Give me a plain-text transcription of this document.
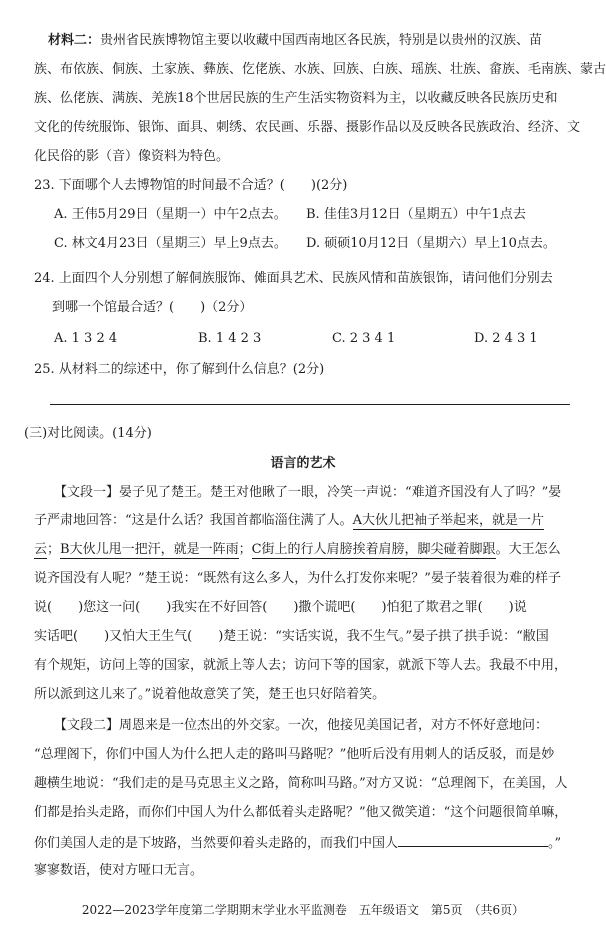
材料二：贵州省民族博物馆主要以收藏中国西南地区各民族，特别是以贵州的汉族、苗
族、布依族、侗族、土家族、彝族、仡佬族、水族、回族、白族、瑶族、壮族、畲族、毛南族、蒙古
族、仫佬族、满族、羌族18个世居民族的生产生活实物资料为主，以收藏反映各民族历史和
文化的传统服饰、银饰、面具、刺绣、农民画、乐器、摄影作品以及反映各民族政治、经济、文
化民俗的影（音）像资料为特色。
23. 下面哪个人去博物馆的时间最不合适？(　　)(2分)
A. 王伟5月29日（星期一）中午2点去。 B. 佳佳3月12日（星期五）中午1点去
C. 林文4月23日（星期三）早上9点去。 D. 硕硕10月12日（星期六）早上10点去。
24. 上面四个人分别想了解侗族服饰、傩面具艺术、民族风情和苗族银饰，请问他们分别去
到哪一个馆最合适？(　　)（2分）
A. 1 3 2 4	B. 1 4 2 3	C. 2 3 4 1	D. 2 4 3 1
25. 从材料二的综述中，你了解到什么信息？(2分)
(三)对比阅读。(14分)
语言的艺术
【文段一】晏子见了楚王。楚王对他瞅了一眼，冷笑一声说：“难道齐国没有人了吗？”晏
子严肃地回答：“这是什么话？我国首都临淄住满了人。A大伙儿把袖子举起来，就是一片
云；B大伙儿甩一把汗，就是一阵雨；C街上的行人肩膀挨着肩膀，脚尖碰着脚跟。大王怎么
说齐国没有人呢？”楚王说：“既然有这么多人，为什么打发你来呢？”晏子装着很为难的样子
说(　　)您这一问(　　)我实在不好回答(　　)撒个谎吧(　　)怕犯了欺君之罪(　　)说
实话吧(　　)又怕大王生气(　　)楚王说：“实话实说，我不生气。”晏子拱了拱手说：“敝国
有个规矩，访问上等的国家，就派上等人去；访问下等的国家，就派下等人去。我最不中用，
所以派到这儿来了。”说着他故意笑了笑，楚王也只好陪着笑。
【文段二】周恩来是一位杰出的外交家。一次，他接见美国记者，对方不怀好意地问：
“总理阁下，你们中国人为什么把人走的路叫马路呢？”他听后没有用刺人的话反驳，而是妙
趣横生地说：“我们走的是马克思主义之路，简称叫马路。”对方又说：“总理阁下，在美国，人
们都是抬头走路，而你们中国人为什么都低着头走路呢？”他又微笑道：“这个问题很简单嘛，
你们美国人走的是下坡路，当然要仰着头走路的，而我们中国人	。”
寥寥数语，使对方哑口无言。
2022—2023学年度第二学期期末学业水平监测卷　五年级语文　第5页　（共6页）
